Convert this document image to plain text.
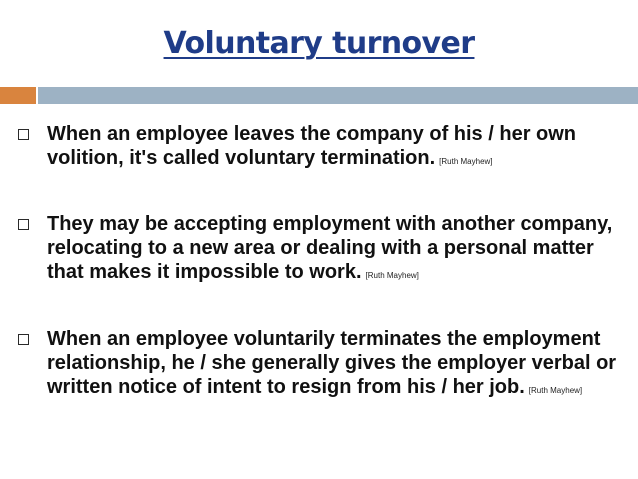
Voluntary turnover
When an employee leaves the company of his / her own volition, it's called voluntary termination. [Ruth Mayhew]
They may be accepting employment with another company, relocating to a new area or dealing with a personal matter that makes it impossible to work. [Ruth Mayhew]
When an employee voluntarily terminates the employment relationship, he / she generally gives the employer verbal or written notice of intent to resign from his / her job. [Ruth Mayhew]
